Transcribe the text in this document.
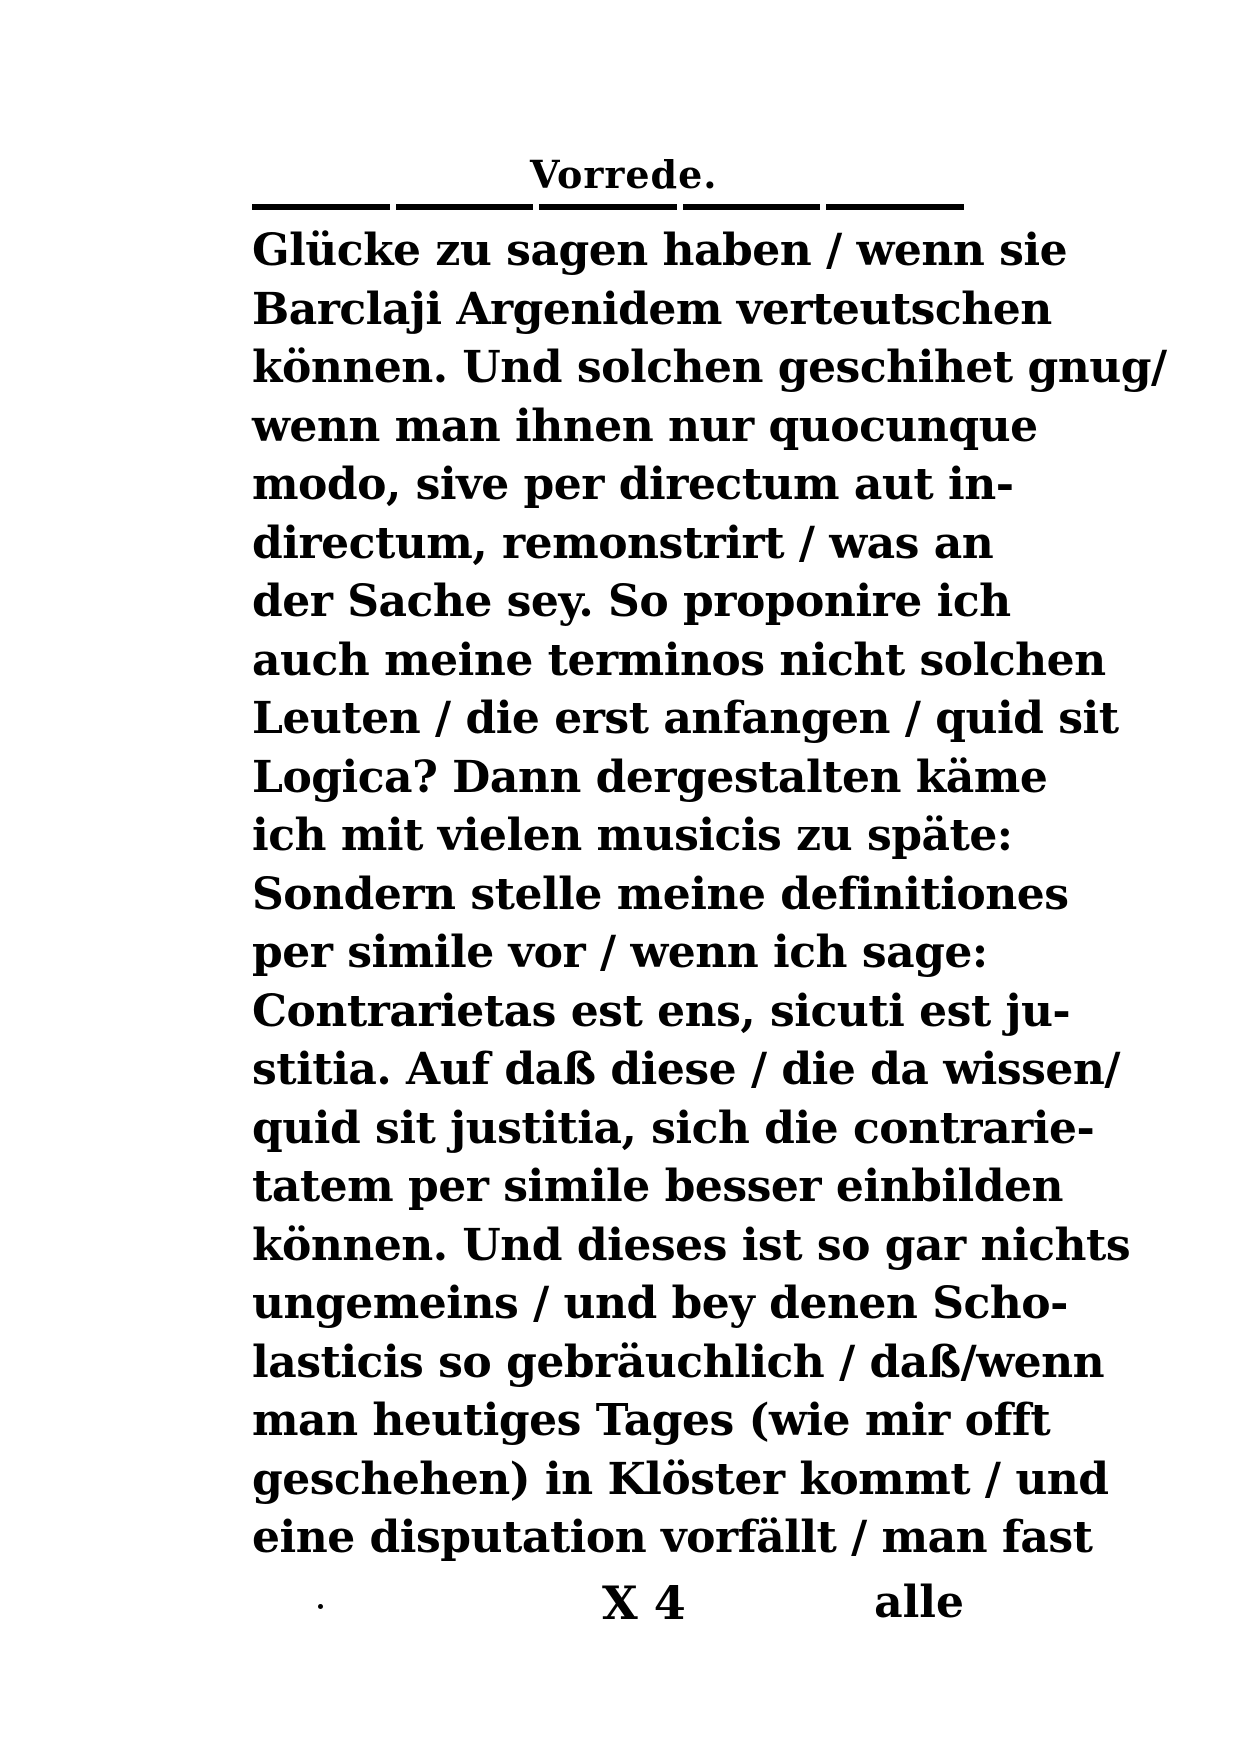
Vorrede.
Glücke zu sagen haben / wenn sie
Barclaji Argenidem verteutschen
können. Und solchen geschihet gnug/
wenn man ihnen nur quocunque
modo, sive per directum aut in-
directum, remonstrirt / was an
der Sache sey. So proponire ich
auch meine terminos nicht solchen
Leuten / die erst anfangen / quid sit
Logica? Dann dergestalten käme
ich mit vielen musicis zu späte:
Sondern stelle meine definitiones
per simile vor / wenn ich sage:
Contrarietas est ens, sicuti est ju-
stitia. Auf daß diese / die da wissen/
quid sit justitia, sich die contrarie-
tatem per simile besser einbilden
können. Und dieses ist so gar nichts
ungemeins / und bey denen Scho-
lasticis so gebräuchlich / daß/wenn
man heutiges Tages (wie mir offt
geschehen) in Klöster kommt / und
eine disputation vorfällt / man fast
X 4	alle
